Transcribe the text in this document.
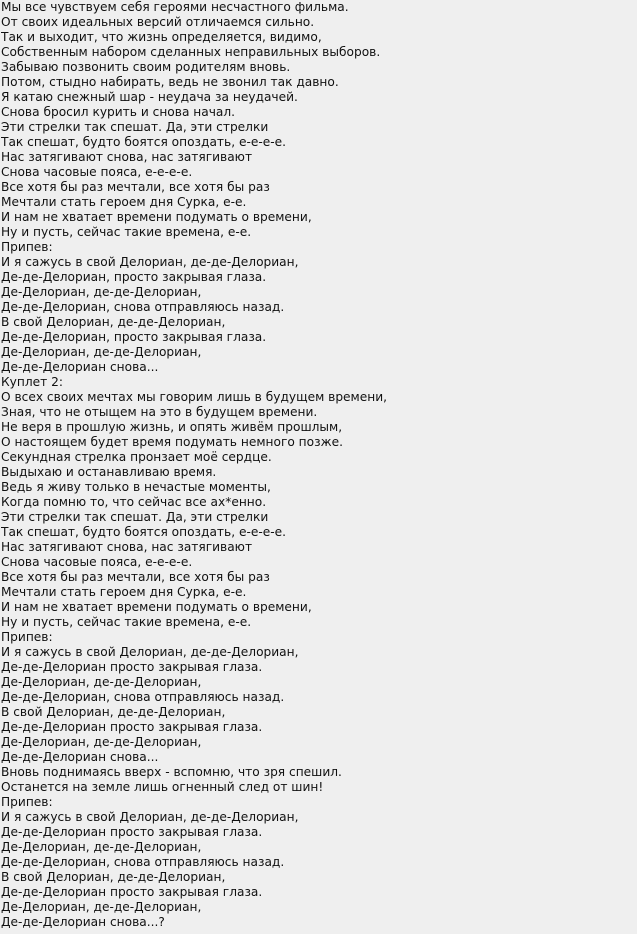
Мы все чувствуем себя героями несчастного фильма.
От своих идеальных версий отличаемся сильно.
Так и выходит, что жизнь определяется, видимо,
Собственным набором сделанных неправильных выборов.
Забываю позвонить своим родителям вновь.
Потом, стыдно набирать, ведь не звонил так давно.
Я катаю снежный шар - неудача за неудачей.
Снова бросил курить и снова начал.
Эти стрелки так спешат. Да, эти стрелки
Так спешат, будто боятся опоздать, е-е-е-е.
Нас затягивают снова, нас затягивают
Снова часовые пояса, е-е-е-е.
Все хотя бы раз мечтали, все хотя бы раз
Мечтали стать героем дня Сурка, е-е.
И нам не хватает времени подумать о времени,
Ну и пусть, сейчас такие времена, е-е.
Припев:
И я сажусь в свой Делориан, де-де-Делориан,
Де-де-Делориан, просто закрывая глаза.
Де-Делориан, де-де-Делориан,
Де-де-Делориан, снова отправляюсь назад.
В свой Делориан, де-де-Делориан,
Де-де-Делориан, просто закрывая глаза.
Де-Делориан, де-де-Делориан,
Де-де-Делориан снова...
Куплет 2:
О всех своих мечтах мы говорим лишь в будущем времени,
Зная, что не отыщем на это в будущем времени.
Не веря в прошлую жизнь, и опять живём прошлым,
О настоящем будет время подумать немного позже.
Секундная стрелка пронзает моё сердце.
Выдыхаю и останавливаю время.
Ведь я живу только в нечастые моменты,
Когда помню то, что сейчас все ах*енно.
Эти стрелки так спешат. Да, эти стрелки
Так спешат, будто боятся опоздать, е-е-е-е.
Нас затягивают снова, нас затягивают
Снова часовые пояса, е-е-е-е.
Все хотя бы раз мечтали, все хотя бы раз
Мечтали стать героем дня Сурка, е-е.
И нам не хватает времени подумать о времени,
Ну и пусть, сейчас такие времена, е-е.
Припев:
И я сажусь в свой Делориан, де-де-Делориан,
Де-де-Делориан просто закрывая глаза.
Де-Делориан, де-де-Делориан,
Де-де-Делориан, снова отправляюсь назад.
В свой Делориан, де-де-Делориан,
Де-де-Делориан просто закрывая глаза.
Де-Делориан, де-де-Делориан,
Де-де-Делориан снова...
Вновь поднимаясь вверх - вспомню, что зря спешил.
Останется на земле лишь огненный след от шин!
Припев:
И я сажусь в свой Делориан, де-де-Делориан,
Де-де-Делориан просто закрывая глаза.
Де-Делориан, де-де-Делориан,
Де-де-Делориан, снова отправляюсь назад.
В свой Делориан, де-де-Делориан,
Де-де-Делориан просто закрывая глаза.
Де-Делориан, де-де-Делориан,
Де-де-Делориан снова...?
